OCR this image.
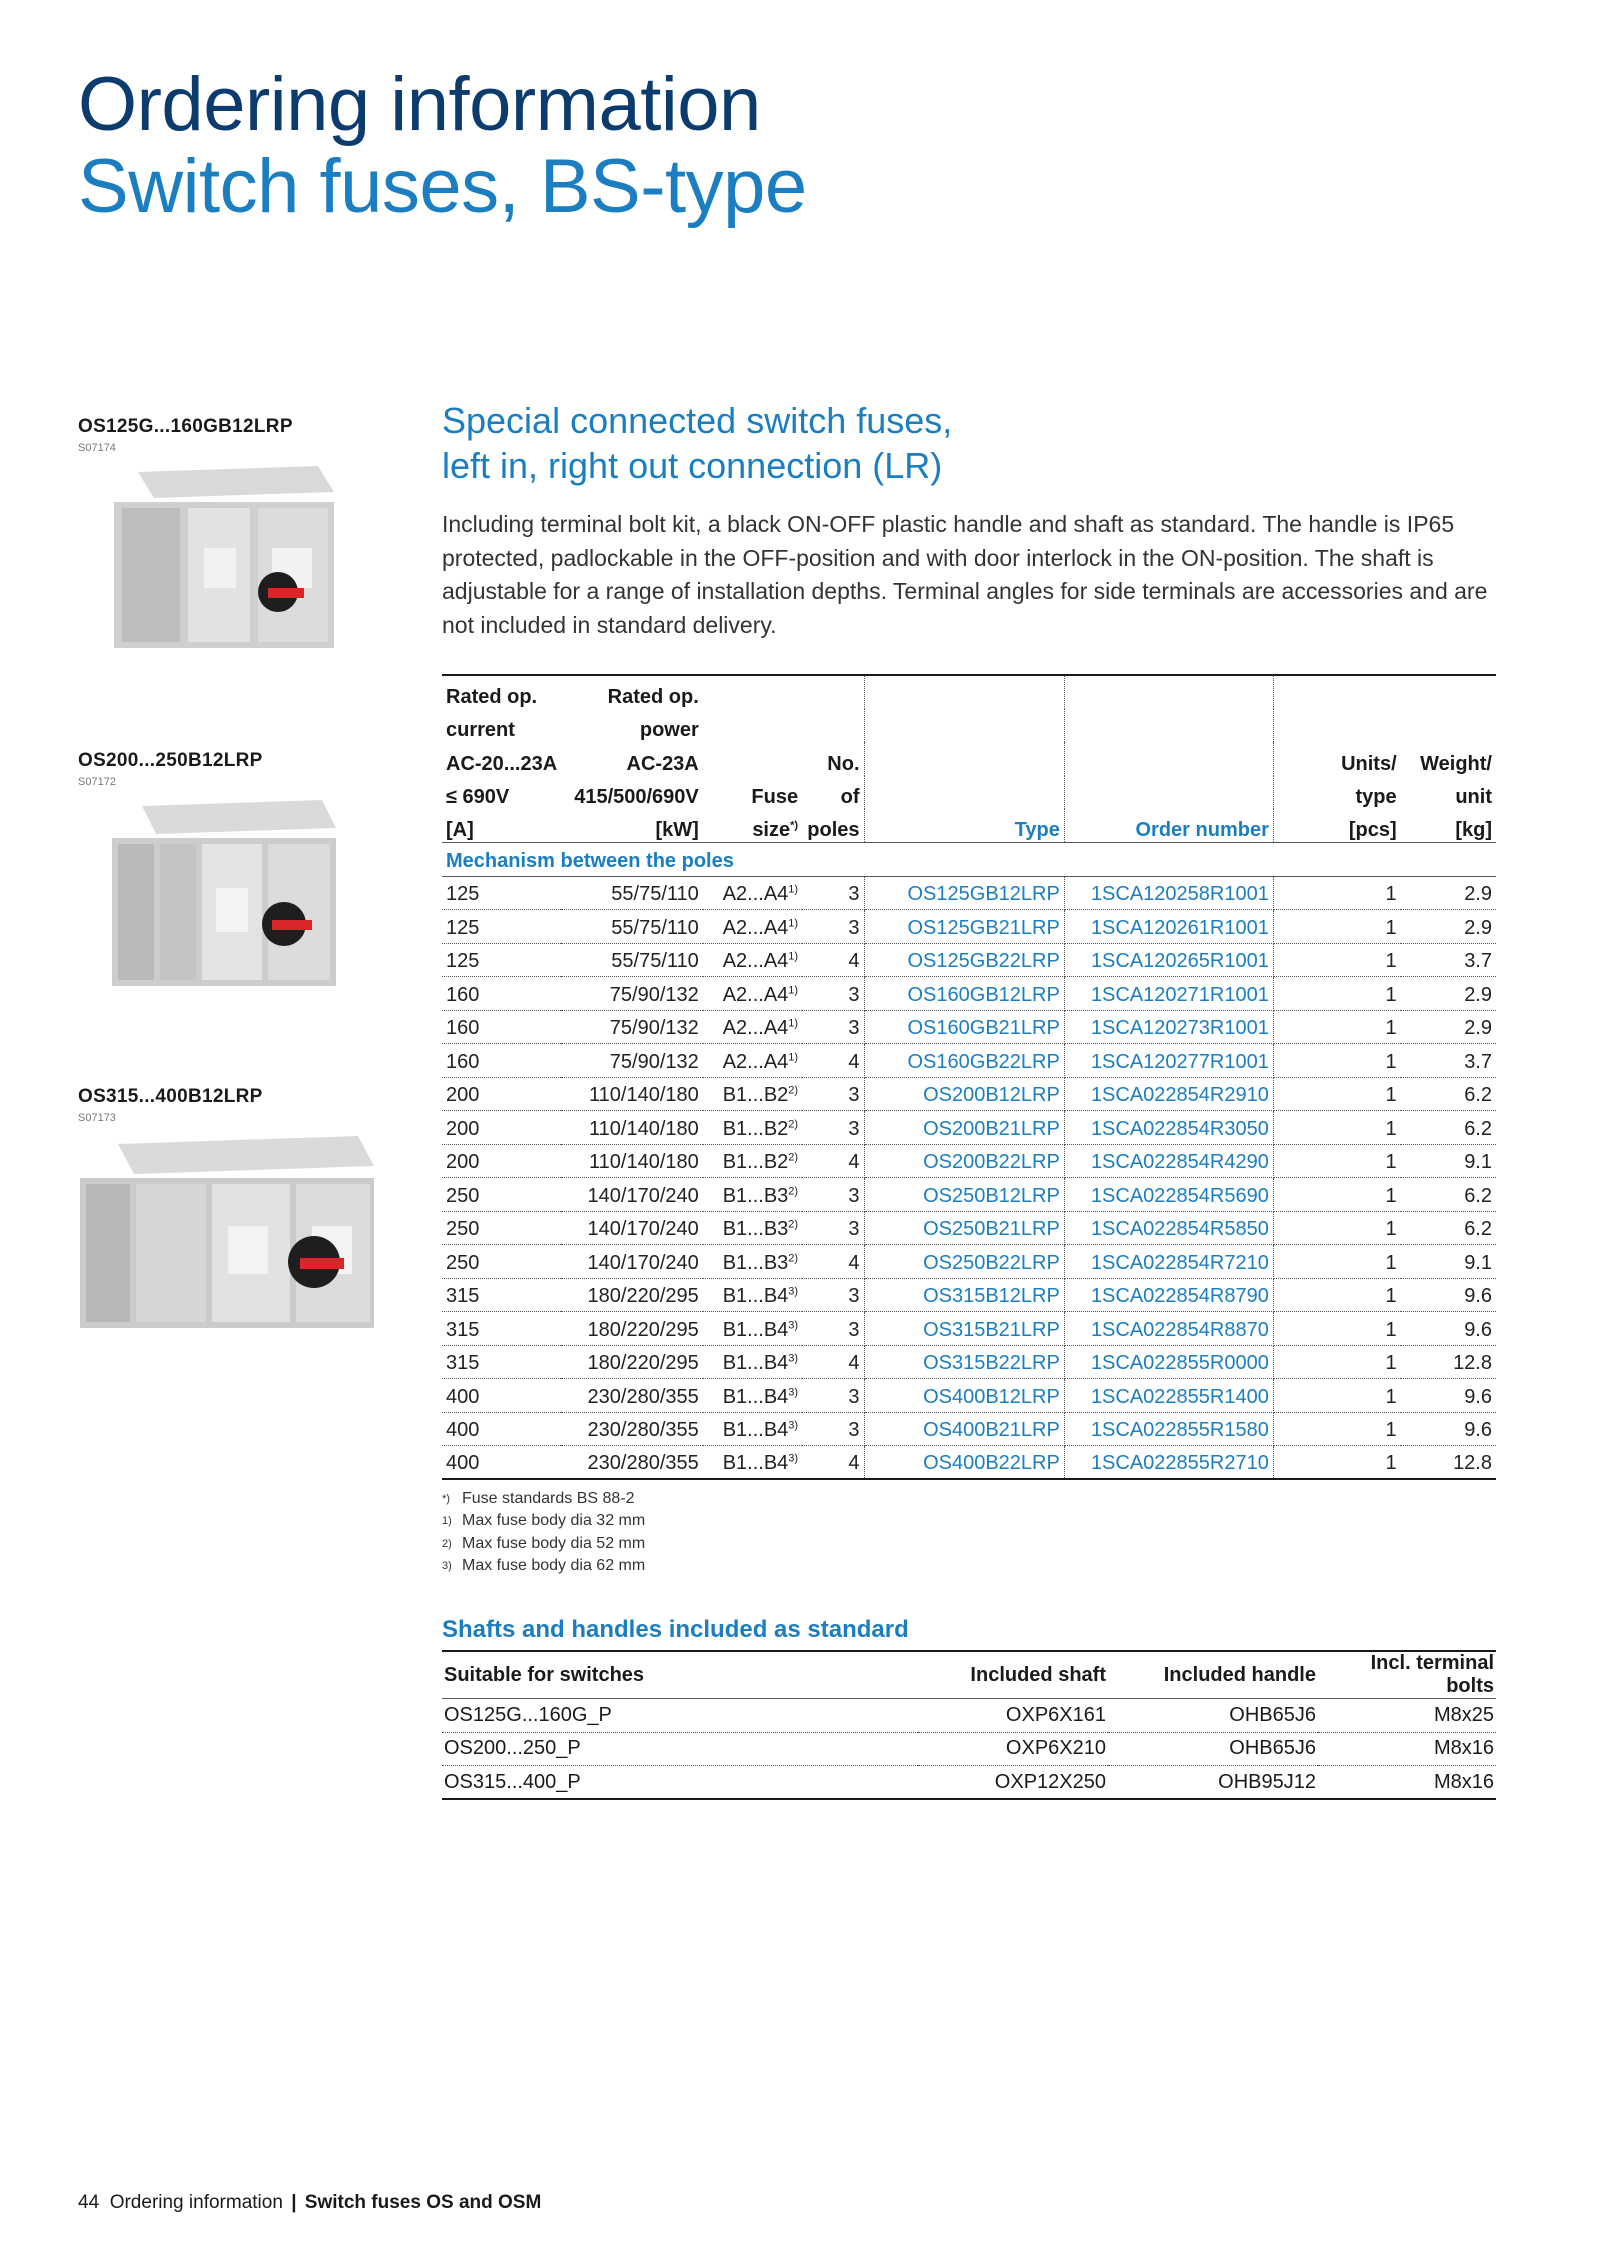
Ordering information
Switch fuses, BS-type
OS125G...160GB12LRP
S07174
OS200...250B12LRP
S07172
OS315...400B12LRP
S07173
Special connected switch fuses,
left in, right out connection (LR)
Including terminal bolt kit, a black ON-OFF plastic handle and shaft as standard. The handle is IP65 protected, padlockable in the OFF-position and with door interlock in the ON-position. The shaft is adjustable for a range of installation depths. Terminal angles for side terminals are accessories and are not included in standard delivery.
Rated op.	Rated op.						
current	power						
AC-20...23A	AC-23A		No.			Units/	Weight/
≤ 690V	415/500/690V	Fuse	of			type	unit
[A]	[kW]	size*)	poles	Type	Order number	[pcs]	[kg]
Mechanism between the poles							
125	55/75/110	A2...A4$^{1)}$	3	OS125GB12LRP	1SCA120258R1001	1	2.9
125	55/75/110	A2...A4$^{1)}$	3	OS125GB21LRP	1SCA120261R1001	1	2.9
125	55/75/110	A2...A4$^{1)}$	4	OS125GB22LRP	1SCA120265R1001	1	3.7
160	75/90/132	A2...A4$^{1)}$	3	OS160GB12LRP	1SCA120271R1001	1	2.9
160	75/90/132	A2...A4$^{1)}$	3	OS160GB21LRP	1SCA120273R1001	1	2.9
160	75/90/132	A2...A4$^{1)}$	4	OS160GB22LRP	1SCA120277R1001	1	3.7
200	110/140/180	B1...B2$^{2)}$	3	OS200B12LRP	1SCA022854R2910	1	6.2
200	110/140/180	B1...B2$^{2)}$	3	OS200B21LRP	1SCA022854R3050	1	6.2
200	110/140/180	B1...B2$^{2)}$	4	OS200B22LRP	1SCA022854R4290	1	9.1
250	140/170/240	B1...B3$^{2)}$	3	OS250B12LRP	1SCA022854R5690	1	6.2
250	140/170/240	B1...B3$^{2)}$	3	OS250B21LRP	1SCA022854R5850	1	6.2
250	140/170/240	B1...B3$^{2)}$	4	OS250B22LRP	1SCA022854R7210	1	9.1
315	180/220/295	B1...B4$^{3)}$	3	OS315B12LRP	1SCA022854R8790	1	9.6
315	180/220/295	B1...B4$^{3)}$	3	OS315B21LRP	1SCA022854R8870	1	9.6
315	180/220/295	B1...B4$^{3)}$	4	OS315B22LRP	1SCA022855R0000	1	12.8
400	230/280/355	B1...B4$^{3)}$	3	OS400B12LRP	1SCA022855R1400	1	9.6
400	230/280/355	B1...B4$^{3)}$	3	OS400B21LRP	1SCA022855R1580	1	9.6
400	230/280/355	B1...B4$^{3)}$	4	OS400B22LRP	1SCA022855R2710	1	12.8
*) Fuse standards BS 88-2
1) Max fuse body dia 32 mm
2) Max fuse body dia 52 mm
3) Max fuse body dia 62 mm
Shafts and handles included as standard
Suitable for switches	Included shaft	Included handle	Incl. terminal bolts
OS125G...160G_P	OXP6X161	OHB65J6	M8x25
OS200...250_P	OXP6X210	OHB65J6	M8x16
OS315...400_P	OXP12X250	OHB95J12	M8x16
44 Ordering information | Switch fuses OS and OSM
